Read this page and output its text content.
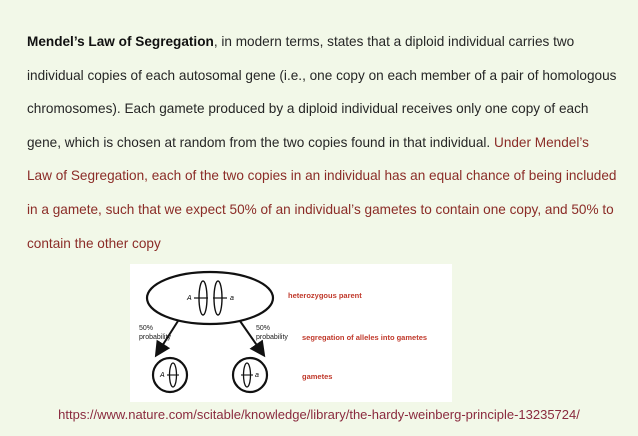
Mendel’s Law of Segregation, in modern terms, states that a diploid individual carries two individual copies of each autosomal gene (i.e., one copy on each member of a pair of homologous chromosomes). Each gamete produced by a diploid individual receives only one copy of each gene, which is chosen at random from the two copies found in that individual. Under Mendel’s Law of Segregation, each of the two copies in an individual has an equal chance of being included in a gamete, such that we expect 50% of an individual’s gametes to contain one copy, and 50% to contain the other copy
A	a	heterozygous parent
50%
probability
50%
probability segregation of alleles into gametes
A	a	gametes
https://www.nature.com/scitable/knowledge/library/the-hardy-weinberg-principle-13235724/
